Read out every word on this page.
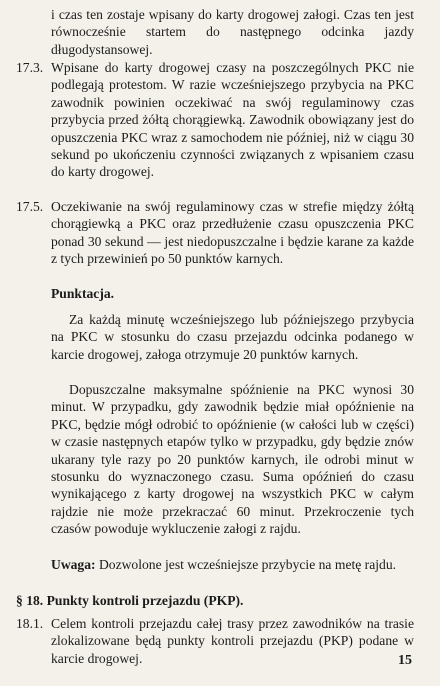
i czas ten zostaje wpisany do karty drogowej załogi. Czas ten jest równocześnie startem do następnego odcinka jazdy długodystansowej.
17.3. Wpisane do karty drogowej czasy na poszczególnych PKC nie podlegają protestom. W razie wcześniejszego przybycia na PKC zawodnik powinien oczekiwać na swój regulaminowy czas przybycia przed żółtą chorągiewką. Zawodnik obowiązany jest do opuszczenia PKC wraz z samochodem nie później, niż w ciągu 30 sekund po ukończeniu czynności związanych z wpisaniem czasu do karty drogowej.
17.5. Oczekiwanie na swój regulaminowy czas w strefie między żółtą chorągiewką a PKC oraz przedłużenie czasu opuszczenia PKC ponad 30 sekund — jest niedopuszczalne i będzie karane za każde z tych przewinień po 50 punktów karnych.
Punktacja.
Za każdą minutę wcześniejszego lub późniejszego przybycia na PKC w stosunku do czasu przejazdu odcinka podanego w karcie drogowej, załoga otrzymuje 20 punktów karnych.
Dopuszczalne maksymalne spóźnienie na PKC wynosi 30 minut. W przypadku, gdy zawodnik będzie miał opóźnienie na PKC, będzie mógł odrobić to opóźnienie (w całości lub w części) w czasie następnych etapów tylko w przypadku, gdy będzie znów ukarany tyle razy po 20 punktów karnych, ile odrobi minut w stosunku do wyznaczonego czasu. Suma opóźnień do czasu wynikającego z karty drogowej na wszystkich PKC w całym rajdzie nie może przekraczać 60 minut. Przekroczenie tych czasów powoduje wykluczenie załogi z rajdu.
Uwaga: Dozwolone jest wcześniejsze przybycie na metę rajdu.
§ 18. Punkty kontroli przejazdu (PKP).
18.1. Celem kontroli przejazdu całej trasy przez zawodników na trasie zlokalizowane będą punkty kontroli przejazdu (PKP) podane w karcie drogowej.	15
